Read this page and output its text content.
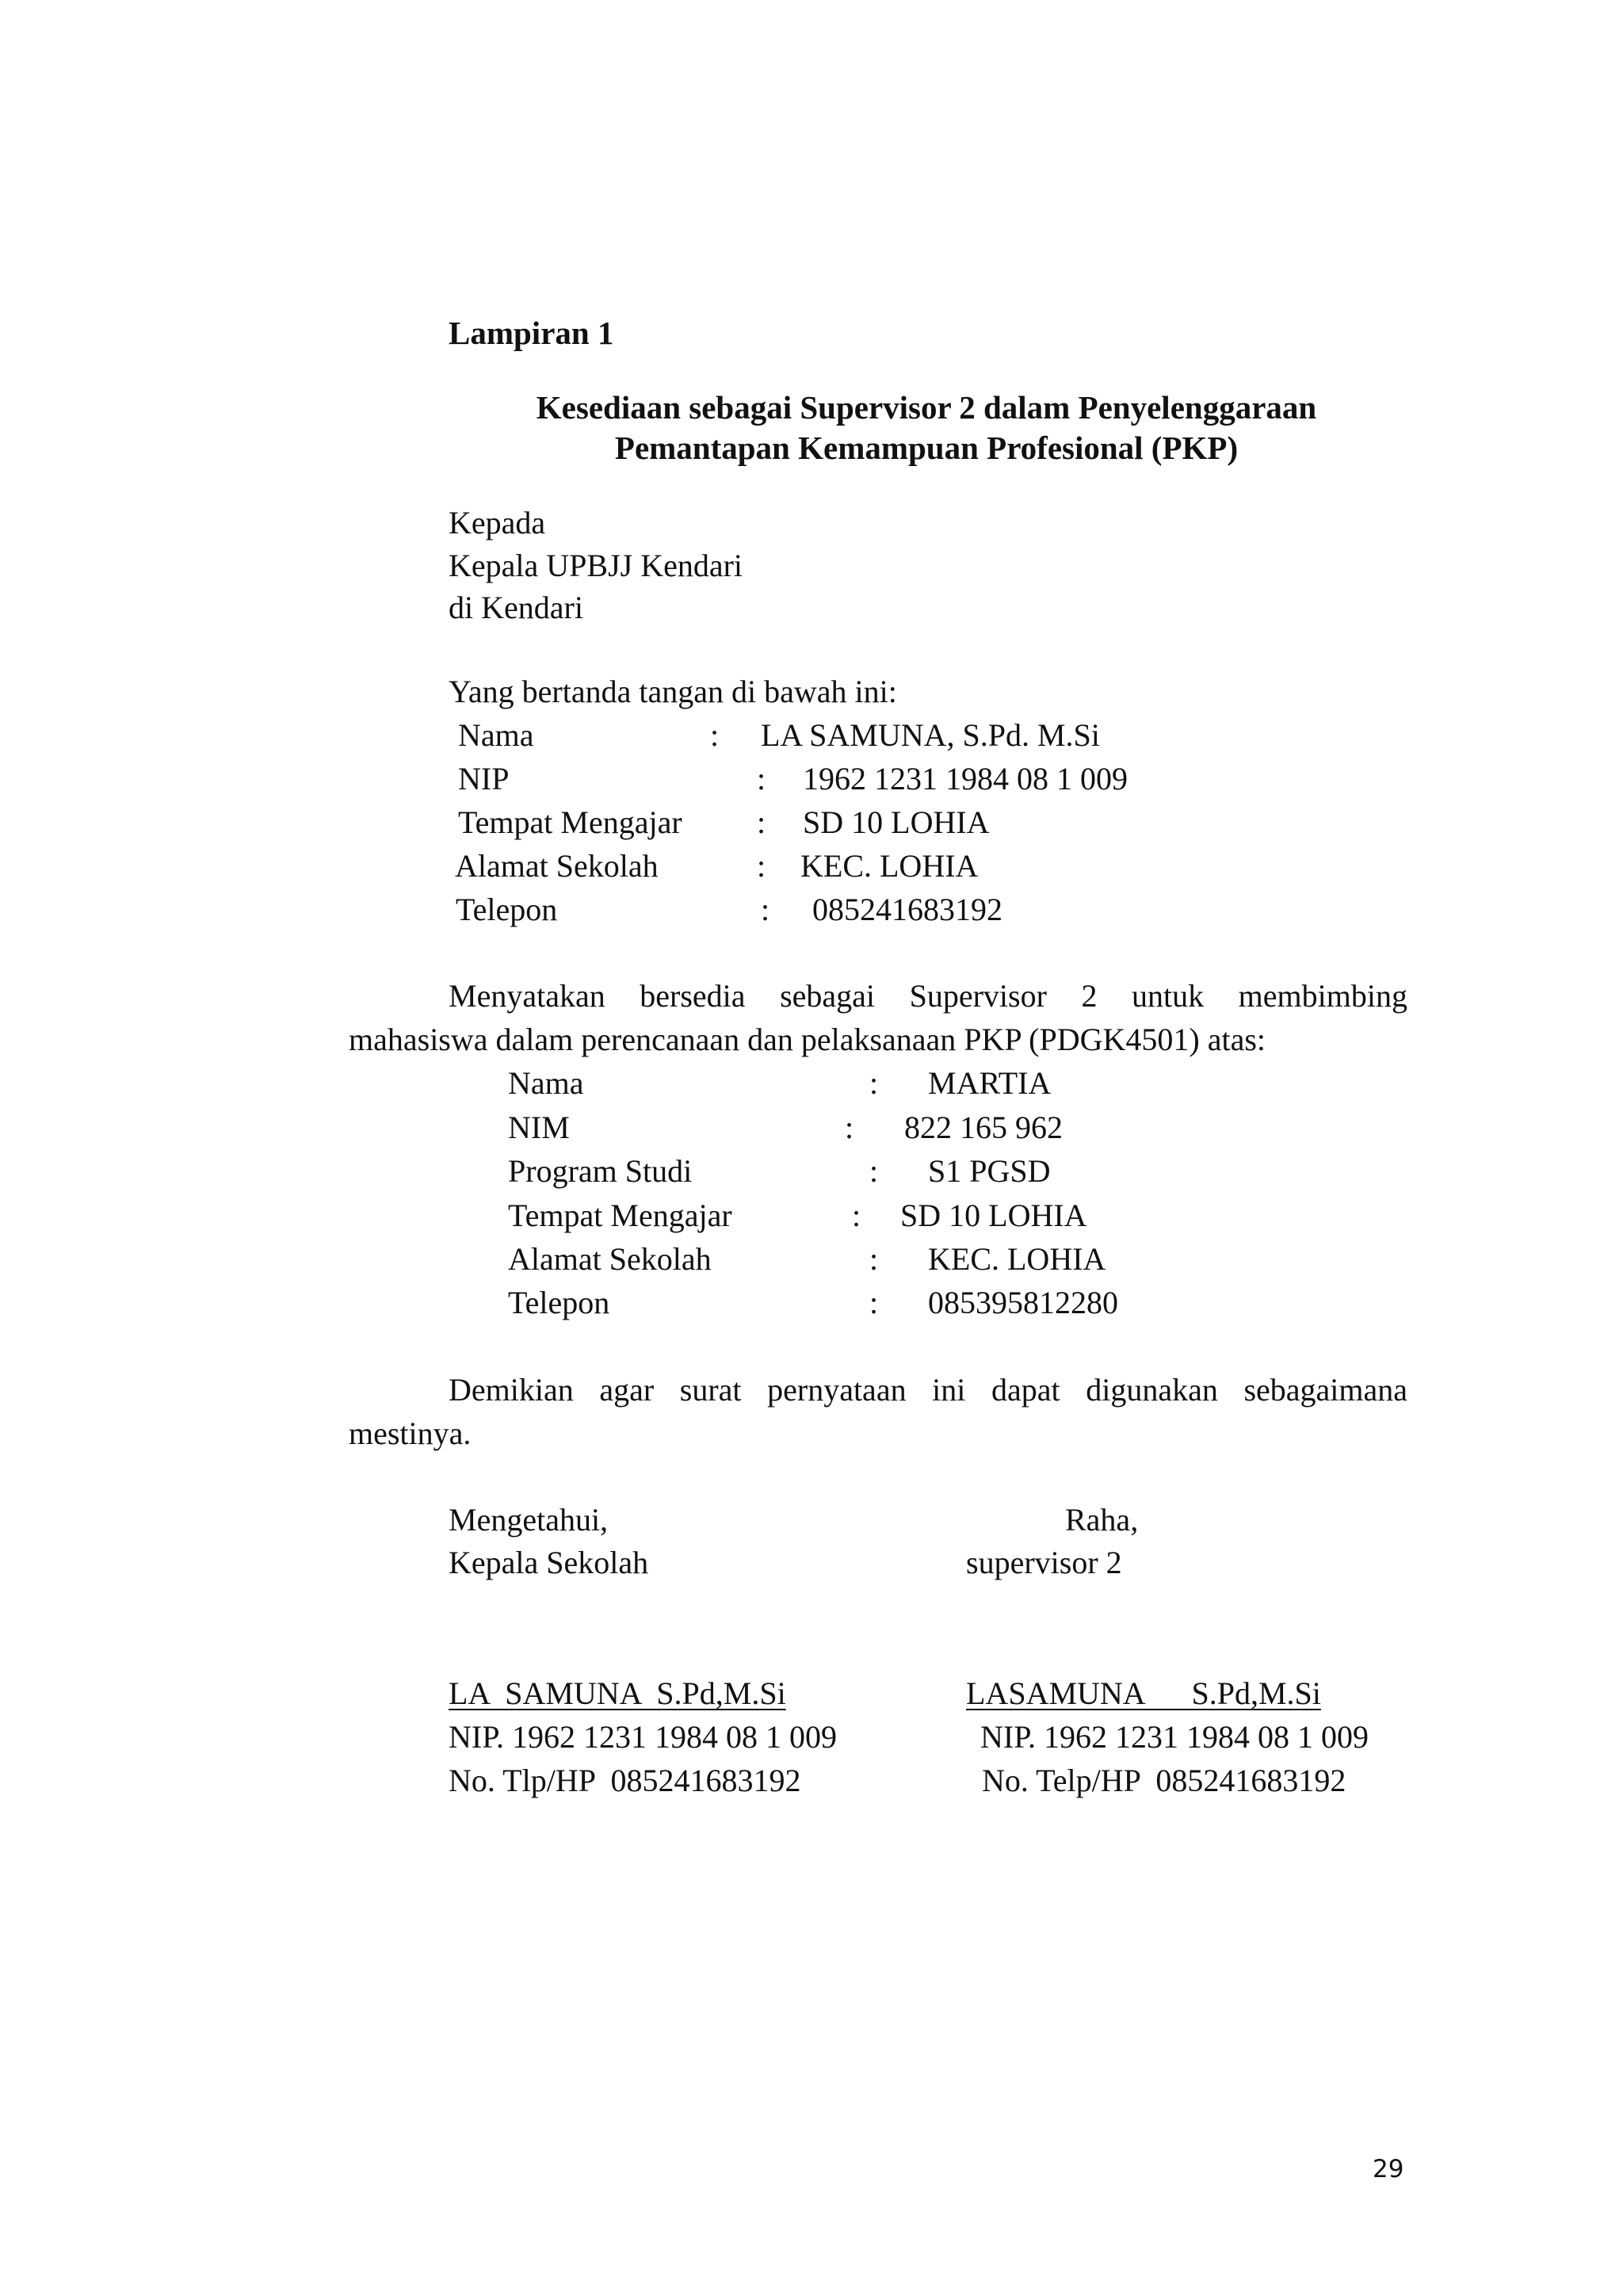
Lampiran 1
Kesediaan sebagai Supervisor 2 dalam Penyelenggaraan
Pemantapan Kemampuan Profesional (PKP)
Kepada
Kepala UPBJJ Kendari
di Kendari
Yang bertanda tangan di bawah ini:
Nama	: LA SAMUNA, S.Pd. M.Si
NIP	: 1962 1231 1984 08 1 009
Tempat Mengajar : SD 10 LOHIA
Alamat Sekolah	: KEC. LOHIA
Telepon	: 085241683192
Menyatakan bersedia sebagai Supervisor 2 untuk membimbing
mahasiswa dalam perencanaan dan pelaksanaan PKP (PDGK4501) atas:
Nama	: MARTIA
NIM	: 822 165 962
Program Studi	: S1 PGSD
Tempat Mengajar	: SD 10 LOHIA
Alamat Sekolah	: KEC. LOHIA
Telepon	: 085395812280
Demikian agar surat pernyataan ini dapat digunakan sebagaimana
mestinya.
Mengetahui,
Kepala Sekolah
LA  SAMUNA  S.Pd,M.Si
NIP. 1962 1231 1984 08 1 009
No. Tlp/HP  085241683192
Raha,
supervisor 2
LASAMUNA      S.Pd,M.Si
NIP. 1962 1231 1984 08 1 009
No. Telp/HP  085241683192
29
